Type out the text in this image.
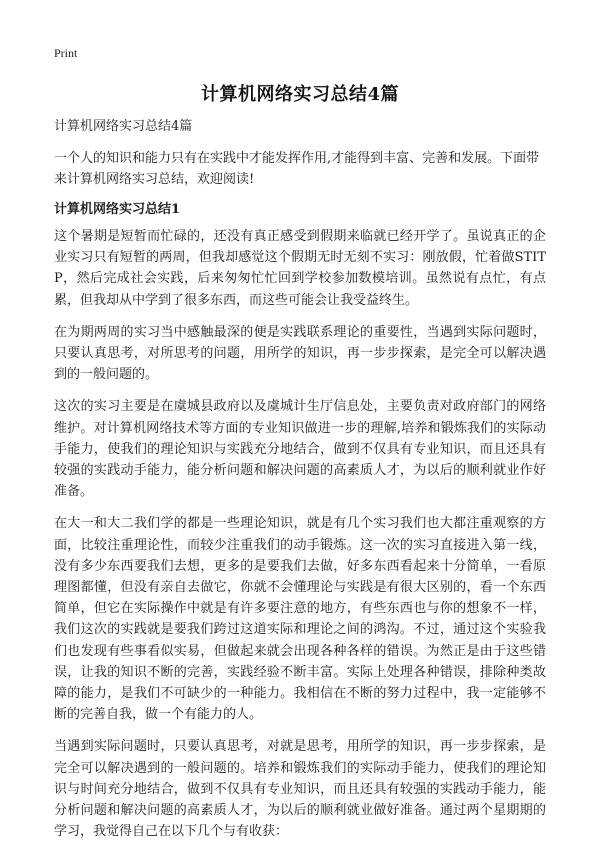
Print
计算机网络实习总结4篇

计算机网络实习总结4篇

一个人的知识和能力只有在实践中才能发挥作用,才能得到丰富、完善和发展。下面带来计算机网络实习总结，欢迎阅读!

计算机网络实习总结1

这个暑期是短暂而忙碌的，还没有真正感受到假期来临就已经开学了。虽说真正的企业实习只有短暂的两周，但我却感觉这个假期无时无刻不实习：刚放假，忙着做STITP，然后完成社会实践，后来匆匆忙忙回到学校参加数模培训。虽然说有点忙，有点累，但我却从中学到了很多东西，而这些可能会让我受益终生。

在为期两周的实习当中感触最深的便是实践联系理论的重要性，当遇到实际问题时，只要认真思考，对所思考的问题，用所学的知识，再一步步探索，是完全可以解决遇到的一般问题的。

这次的实习主要是在虞城县政府以及虞城计生厅信息处，主要负责对政府部门的网络维护。对计算机网络技术等方面的专业知识做进一步的理解,培养和锻炼我们的实际动手能力，使我们的理论知识与实践充分地结合，做到不仅具有专业知识，而且还具有较强的实践动手能力，能分析问题和解决问题的高素质人才，为以后的顺利就业作好准备。

在大一和大二我们学的都是一些理论知识，就是有几个实习我们也大都注重观察的方面，比较注重理论性，而较少注重我们的动手锻炼。这一次的实习直接进入第一线，没有多少东西要我们去想，更多的是要我们去做，好多东西看起来十分简单，一看原理图都懂，但没有亲自去做它，你就不会懂理论与实践是有很大区别的，看一个东西简单，但它在实际操作中就是有许多要注意的地方，有些东西也与你的想象不一样，我们这次的实践就是要我们跨过这道实际和理论之间的鸿沟。不过，通过这个实验我们也发现有些事看似实易，但做起来就会出现各种各样的错误。为然正是由于这些错误，让我的知识不断的完善，实践经验不断丰富。实际上处理各种错误，排除种类故障的能力，是我们不可缺少的一种能力。我相信在不断的努力过程中，我一定能够不断的完善自我，做一个有能力的人。

当遇到实际问题时，只要认真思考，对就是思考，用所学的知识，再一步步探索，是完全可以解决遇到的一般问题的。培养和锻炼我们的实际动手能力，使我们的理论知识与时间充分地结合，做到不仅具有专业知识，而且还具有较强的实践动手能力，能分析问题和解决问题的高素质人才，为以后的顺利就业做好准备。通过两个星期期的学习，我觉得自己在以下几个与有收获：
